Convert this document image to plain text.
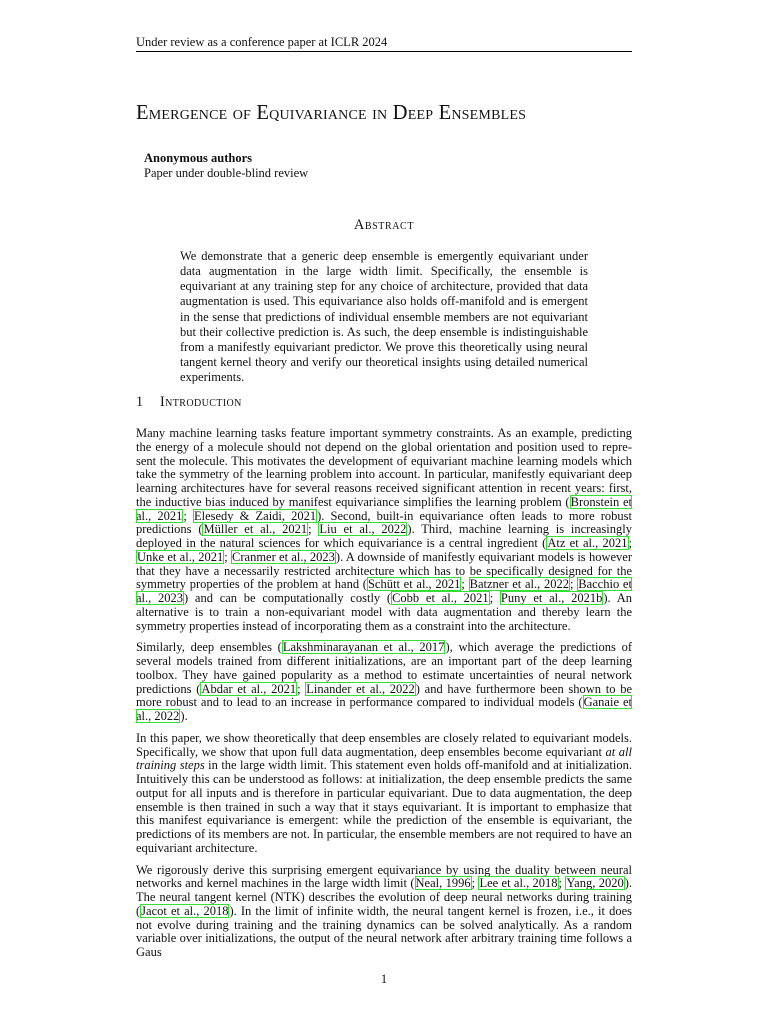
Under review as a conference paper at ICLR 2024
Emergence of Equivariance in Deep Ensembles
Anonymous authors
Paper under double-blind review
Abstract
We demonstrate that a generic deep ensemble is emergently equivariant under data augmentation in the large width limit. Specifically, the ensemble is equivariant at any training step for any choice of architecture, provided that data augmentation is used. This equivariance also holds off-manifold and is emergent in the sense that predictions of individual ensemble members are not equivariant but their collective prediction is. As such, the deep ensemble is indistinguishable from a manifestly equivariant predictor. We prove this theoretically using neural tangent kernel theory and verify our theoretical insights using detailed numerical experiments.
1 Introduction

Many machine learning tasks feature important symmetry constraints. As an example, predicting the energy of a molecule should not depend on the global orientation and position used to represent the molecule. This motivates the development of equivariant machine learning models which take the symmetry of the learning problem into account. In particular, manifestly equivariant deep learning architectures have for several reasons received significant attention in recent years: first, the inductive bias induced by manifest equivariance simplifies the learning problem (Bronstein et al., 2021; Elesedy & Zaidi, 2021). Second, built-in equivariance often leads to more robust predictions (Müller et al., 2021; Liu et al., 2022). Third, machine learning is increasingly deployed in the natural sciences for which equivariance is a central ingredient (Atz et al., 2021; Unke et al., 2021; Cranmer et al., 2023). A downside of manifestly equivariant models is however that they have a necessarily restricted architecture which has to be specifically designed for the symmetry properties of the problem at hand (Schütt et al., 2021; Batzner et al., 2022; Bacchio et al., 2023) and can be computationally costly (Cobb et al., 2021; Puny et al., 2021b). An alternative is to train a non-equivariant model with data augmentation and thereby learn the symmetry properties instead of incorporating them as a constraint into the architecture.

Similarly, deep ensembles (Lakshminarayanan et al., 2017), which average the predictions of several models trained from different initializations, are an important part of the deep learning toolbox. They have gained popularity as a method to estimate uncertainties of neural network predictions (Abdar et al., 2021; Linander et al., 2022) and have furthermore been shown to be more robust and to lead to an increase in performance compared to individual models (Ganaie et al., 2022).

In this paper, we show theoretically that deep ensembles are closely related to equivariant models. Specifically, we show that upon full data augmentation, deep ensembles become equivariant at all training steps in the large width limit. This statement even holds off-manifold and at initialization. Intuitively this can be understood as follows: at initialization, the deep ensemble predicts the same output for all inputs and is therefore in particular equivariant. Due to data augmentation, the deep ensemble is then trained in such a way that it stays equivariant. It is important to emphasize that this manifest equivariance is emergent: while the prediction of the ensemble is equivariant, the predictions of its members are not. In particular, the ensemble members are not required to have an equivariant architecture.

We rigorously derive this surprising emergent equivariance by using the duality between neural networks and kernel machines in the large width limit (Neal, 1996; Lee et al., 2018; Yang, 2020). The neural tangent kernel (NTK) describes the evolution of deep neural networks during training (Jacot et al., 2018). In the limit of infinite width, the neural tangent kernel is frozen, i.e., it does not evolve during training and the training dynamics can be solved analytically. As a random variable over initializations, the output of the neural network after arbitrary training time follows a Gaus

1
